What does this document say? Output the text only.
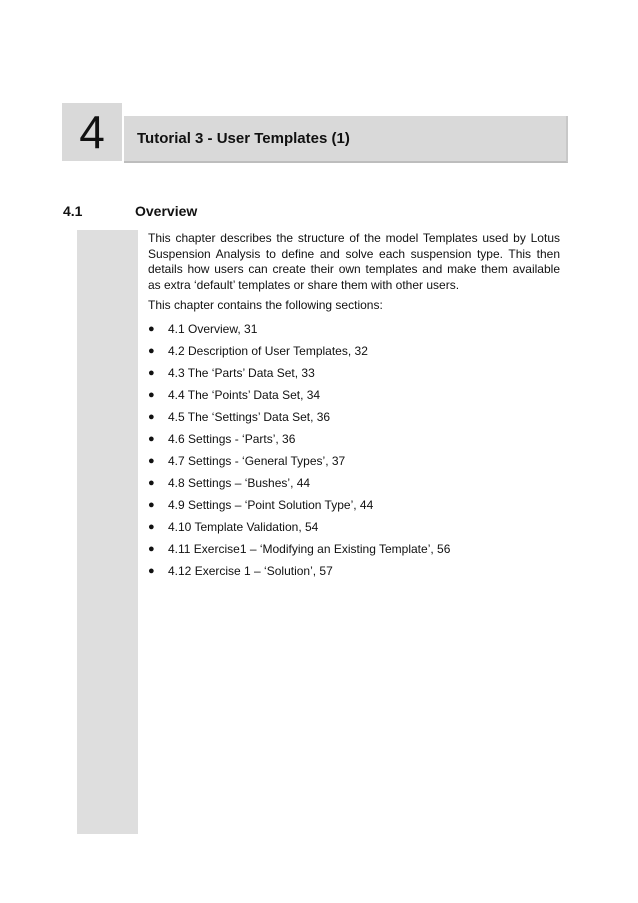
4 Tutorial 3 - User Templates (1)
4.1	Overview

This chapter describes the structure of the model Templates used by Lotus Suspension Analysis to define and solve each suspension type. This then details how users can create their own templates and make them available as extra ‘default’ templates or share them with other users.

This chapter contains the following sections:

●	4.1 Overview, 31
●	4.2 Description of User Templates, 32
●	4.3 The ‘Parts’ Data Set, 33
●	4.4 The ‘Points’ Data Set, 34
●	4.5 The ‘Settings’ Data Set, 36
●	4.6 Settings - ‘Parts’, 36
●	4.7 Settings - ‘General Types’, 37
●	4.8 Settings – ‘Bushes’, 44
●	4.9 Settings – ‘Point Solution Type’, 44
●	4.10 Template Validation, 54
●	4.11 Exercise1 – ‘Modifying an Existing Template’, 56
●	4.12 Exercise 1 – ‘Solution’, 57
